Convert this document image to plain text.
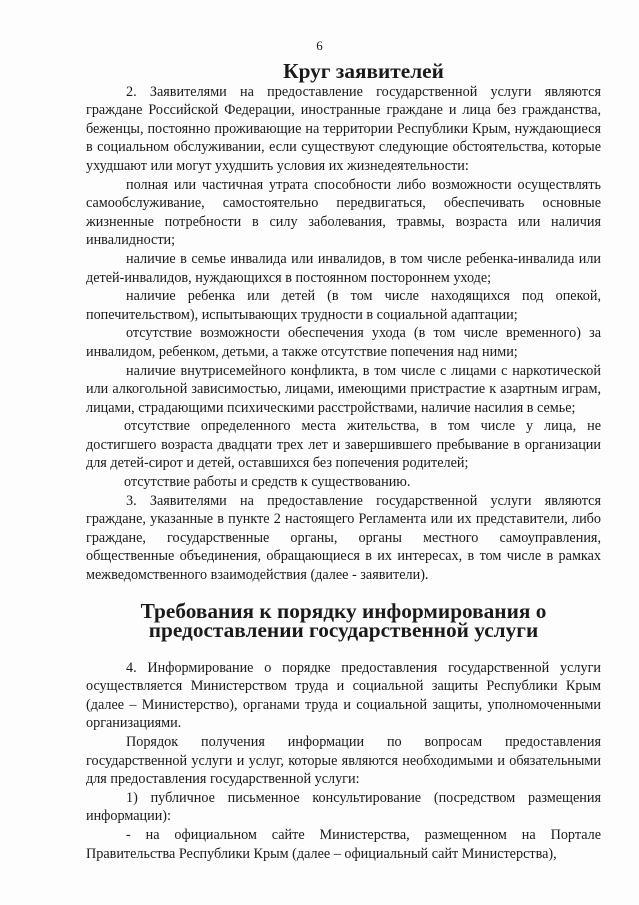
6
Круг заявителей

2. Заявителями на предоставление государственной услуги являются граждане Российской Федерации, иностранные граждане и лица без гражданства, беженцы, постоянно проживающие на территории Республики Крым, нуждающиеся в социальном обслуживании, если существуют следующие обстоятельства, которые ухудшают или могут ухудшить условия их жизнедеятельности:

полная или частичная утрата способности либо возможности осуществлять самообслуживание, самостоятельно передвигаться, обеспечивать основные жизненные потребности в силу заболевания, травмы, возраста или наличия инвалидности;

наличие в семье инвалида или инвалидов, в том числе ребенка-инвалида или детей-инвалидов, нуждающихся в постоянном постороннем уходе;

наличие ребенка или детей (в том числе находящихся под опекой, попечительством), испытывающих трудности в социальной адаптации;

отсутствие возможности обеспечения ухода (в том числе временного) за инвалидом, ребенком, детьми, а также отсутствие попечения над ними;

наличие внутрисемейного конфликта, в том числе с лицами с наркотической или алкогольной зависимостью, лицами, имеющими пристрастие к азартным играм, лицами, страдающими психическими расстройствами, наличие насилия в семье;

отсутствие определенного места жительства, в том числе у лица, не достигшего возраста двадцати трех лет и завершившего пребывание в организации для детей-сирот и детей, оставшихся без попечения родителей;

отсутствие работы и средств к существованию.

3. Заявителями на предоставление государственной услуги являются граждане, указанные в пункте 2 настоящего Регламента или их представители, либо граждане, государственные органы, органы местного самоуправления, общественные объединения, обращающиеся в их интересах, в том числе в рамках межведомственного взаимодействия (далее - заявители).

Требования к порядку информирования о предоставлении государственной услуги

4. Информирование о порядке предоставления государственной услуги осуществляется Министерством труда и социальной защиты Республики Крым (далее – Министерство), органами труда и социальной защиты, уполномоченными организациями.

Порядок получения информации по вопросам предоставления государственной услуги и услуг, которые являются необходимыми и обязательными для предоставления государственной услуги:

1) публичное письменное консультирование (посредством размещения информации):

- на официальном сайте Министерства, размещенном на Портале Правительства Республики Крым (далее – официальный сайт Министерства),
